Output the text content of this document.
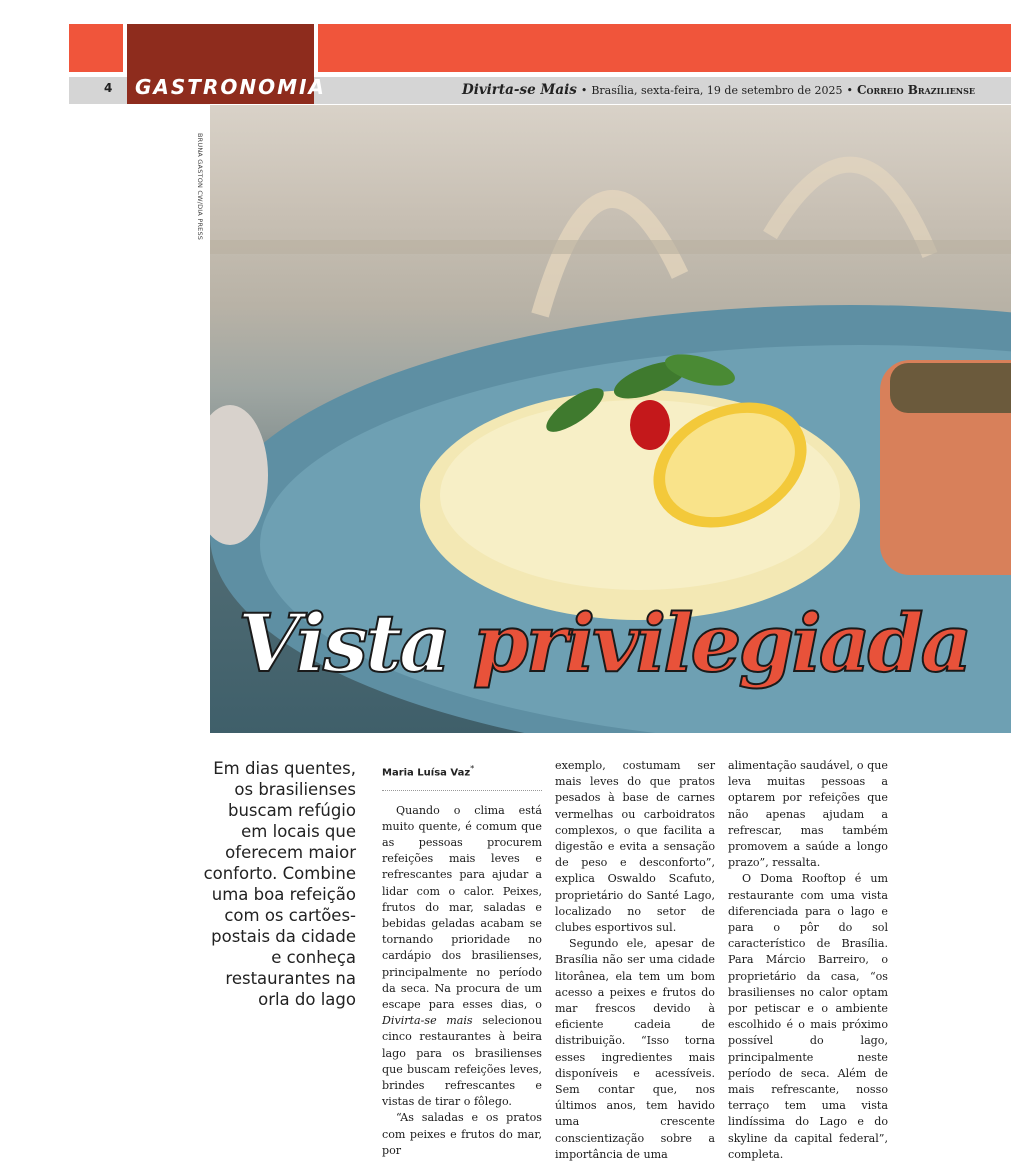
4 GASTRONOMIA	Divirta-se Mais • Brasília, sexta-feira, 19 de setembro de 2025 • Correio Braziliense
BRUNA GASTON CW/DIA PRESS
Vista privilegiada
Em dias quentes, os brasilienses buscam refúgio em locais que oferecem maior conforto. Combine uma boa refeição com os cartões-postais da cidade e conheça restaurantes na orla do lago
Maria Luísa Vaz*

Quando o clima está muito quente, é comum que as pessoas procurem refeições mais leves e refrescantes para ajudar a lidar com o calor. Peixes, frutos do mar, saladas e bebidas geladas acabam se tornando prioridade no cardápio dos brasilienses, principalmente no período da seca. Na procura de um escape para esses dias, o Divirta-se mais selecionou cinco restaurantes à beira lago para os brasilienses que buscam refeições leves, brindes refrescantes e vistas de tirar o fôlego.

“As saladas e os pratos com peixes e frutos do mar, por

exemplo, costumam ser mais leves do que pratos pesados à base de carnes vermelhas ou carboidratos complexos, o que facilita a digestão e evita a sensação de peso e desconforto”, explica Oswaldo Scafuto, proprietário do Santé Lago, localizado no setor de clubes esportivos sul.

Segundo ele, apesar de Brasília não ser uma cidade litorânea, ela tem um bom acesso a peixes e frutos do mar frescos devido à eficiente cadeia de distribuição. “Isso torna esses ingredientes mais disponíveis e acessíveis. Sem contar que, nos últimos anos, tem havido uma crescente conscientização sobre a importância de uma

alimentação saudável, o que leva muitas pessoas a optarem por refeições que não apenas ajudam a refrescar, mas também promovem a saúde a longo prazo”, ressalta.

O Doma Rooftop é um restaurante com uma vista diferenciada para o lago e para o pôr do sol característico de Brasília. Para Márcio Barreiro, o proprietário da casa, “os brasilienses no calor optam por petiscar e o ambiente escolhido é o mais próximo possível do lago, principalmente neste período de seca. Além de mais refrescante, nosso terraço tem uma vista lindíssima do Lago e do skyline da capital federal”, completa.
